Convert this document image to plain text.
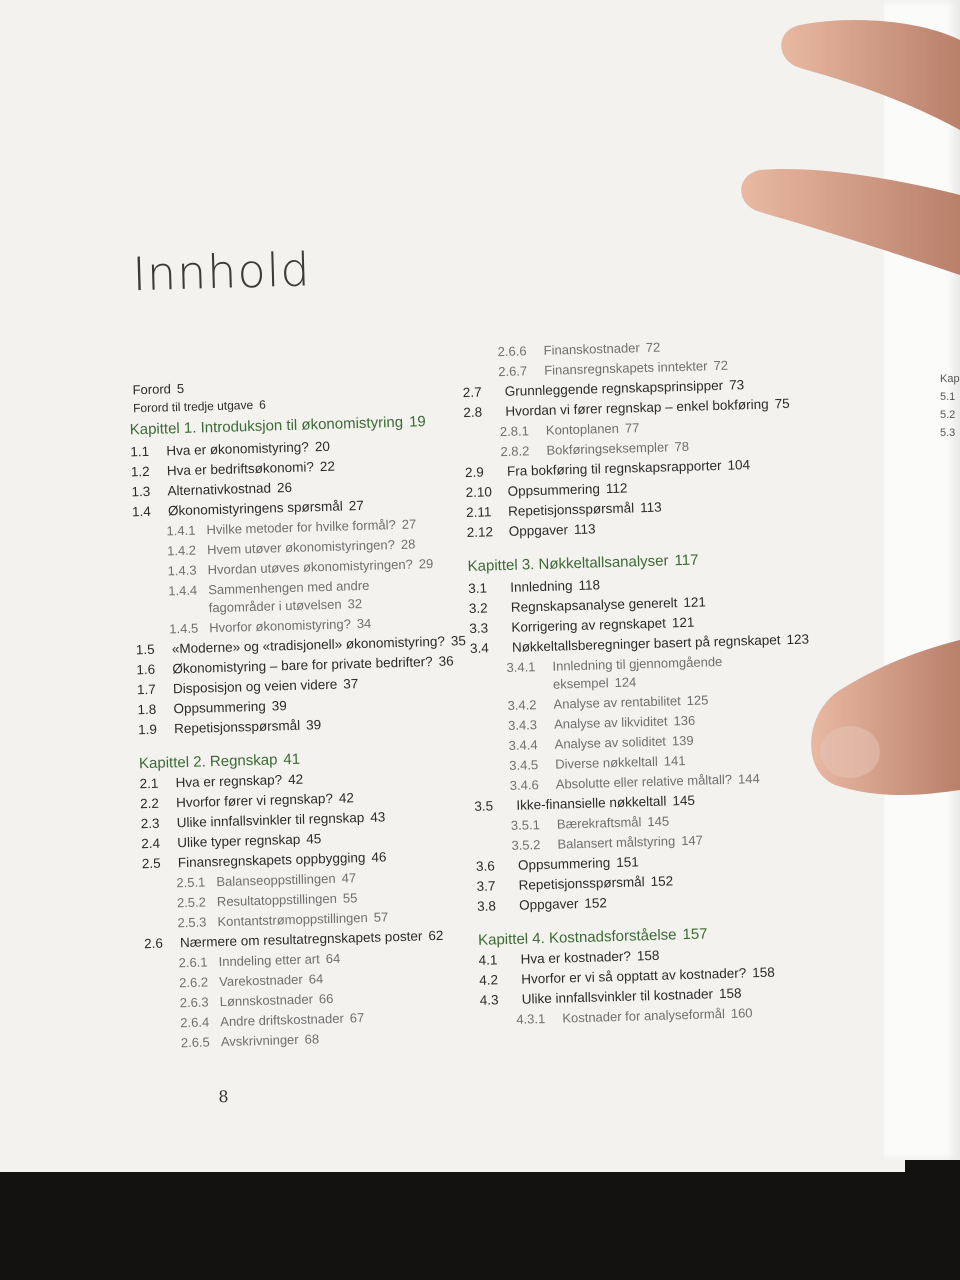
Kap
5.1
5.2
5.3
Innhold
Forord 5
Forord til tredje utgave 6
Kapittel 1. Introduksjon til økonomistyring 19
1.1 Hva er økonomistyring? 20
1.2 Hva er bedriftsøkonomi? 22
1.3 Alternativkostnad 26
1.4 Økonomistyringens spørsmål 27
1.4.1 Hvilke metoder for hvilke formål? 27
1.4.2 Hvem utøver økonomistyringen? 28
1.4.3 Hvordan utøves økonomistyringen? 29
1.4.4 Sammenhengen med andre
fagområder i utøvelsen 32
1.4.5 Hvorfor økonomistyring? 34
1.5 «Moderne» og «tradisjonell» økonomistyring? 35
1.6 Økonomistyring – bare for private bedrifter? 36
1.7 Disposisjon og veien videre 37
1.8 Oppsummering 39
1.9 Repetisjonsspørsmål 39
Kapittel 2. Regnskap 41
2.1 Hva er regnskap? 42
2.2 Hvorfor fører vi regnskap? 42
2.3 Ulike innfallsvinkler til regnskap 43
2.4 Ulike typer regnskap 45
2.5 Finansregnskapets oppbygging 46
2.5.1 Balanseoppstillingen 47
2.5.2 Resultatoppstillingen 55
2.5.3 Kontantstrømoppstillingen 57
2.6 Nærmere om resultatregnskapets poster 62
2.6.1 Inndeling etter art 64
2.6.2 Varekostnader 64
2.6.3 Lønnskostnader 66
2.6.4 Andre driftskostnader 67
2.6.5 Avskrivninger 68
2.6.6 Finanskostnader 72
2.6.7 Finansregnskapets inntekter 72
2.7 Grunnleggende regnskapsprinsipper 73
2.8 Hvordan vi fører regnskap – enkel bokføring 75
2.8.1 Kontoplanen 77
2.8.2 Bokføringseksempler 78
2.9 Fra bokføring til regnskapsrapporter 104
2.10 Oppsummering 112
2.11 Repetisjonsspørsmål 113
2.12 Oppgaver 113
Kapittel 3. Nøkkeltallsanalyser 117
3.1 Innledning 118
3.2 Regnskapsanalyse generelt 121
3.3 Korrigering av regnskapet 121
3.4 Nøkkeltallsberegninger basert på regnskapet 123
3.4.1 Innledning til gjennomgående
eksempel 124
3.4.2 Analyse av rentabilitet 125
3.4.3 Analyse av likviditet 136
3.4.4 Analyse av soliditet 139
3.4.5 Diverse nøkkeltall 141
3.4.6 Absolutte eller relative måltall? 144
3.5 Ikke-finansielle nøkkeltall 145
3.5.1 Bærekraftsmål 145
3.5.2 Balansert målstyring 147
3.6 Oppsummering 151
3.7 Repetisjonsspørsmål 152
3.8 Oppgaver 152
Kapittel 4. Kostnadsforståelse 157
4.1 Hva er kostnader? 158
4.2 Hvorfor er vi så opptatt av kostnader? 158
4.3 Ulike innfallsvinkler til kostnader 158
4.3.1 Kostnader for analyseformål 160
8
